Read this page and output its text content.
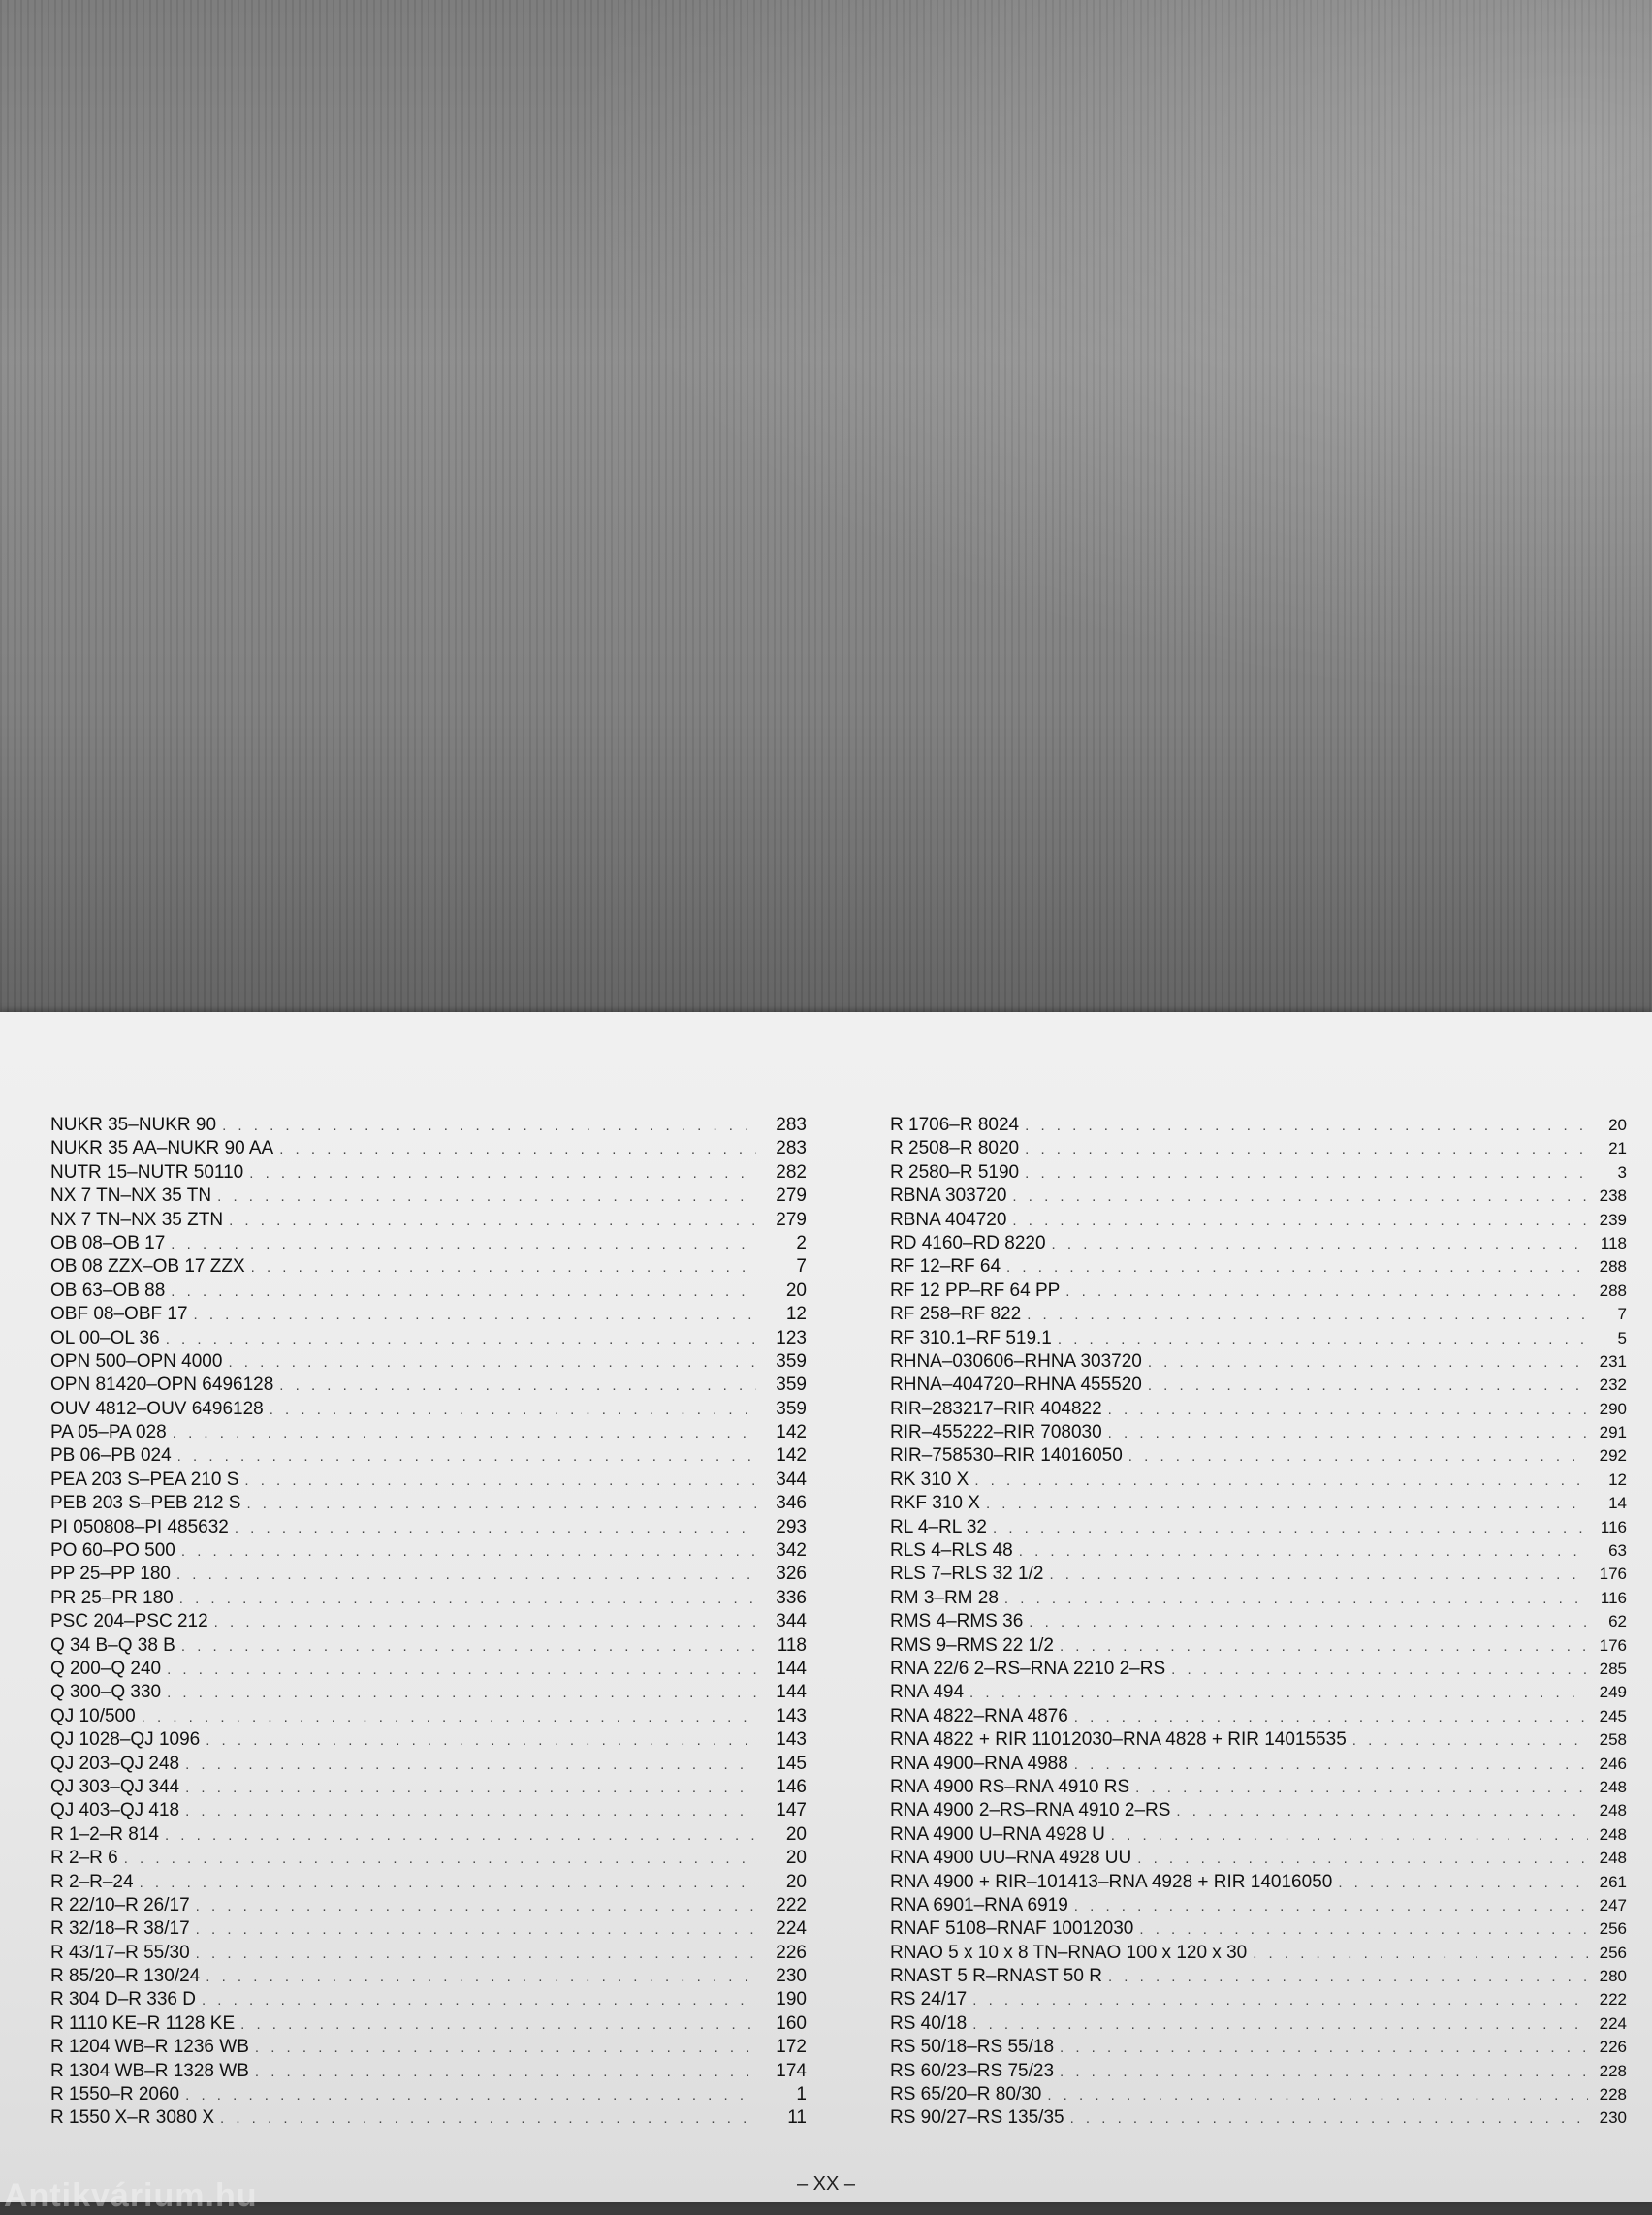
NUKR 35–NUKR 90 . . .	283
NUKR 35 AA–NUKR 90 AA . . .	283
NUTR 15–NUTR 50110 . . .	282
NX 7 TN–NX 35 TN . . .	279
NX 7 TN–NX 35 ZTN . . .	279
OB 08–OB 17 . . .	2
OB 08 ZZX–OB 17 ZZX . . .	7
OB 63–OB 88 . . .	20
OBF 08–OBF 17 . . .	12
OL 00–OL 36 . . .	123
OPN 500–OPN 4000 . . .	359
OPN 81420–OPN 6496128 . . .	359
OUV 4812–OUV 6496128 . . .	359
PA 05–PA 028 . . .	142
PB 06–PB 024 . . .	142
PEA 203 S–PEA 210 S . . .	344
PEB 203 S–PEB 212 S . . .	346
PI 050808–PI 485632 . . .	293
PO 60–PO 500 . . .	342
PP 25–PP 180 . . .	326
PR 25–PR 180 . . .	336
PSC 204–PSC 212 . . .	344
Q 34 B–Q 38 B . . .	118
Q 200–Q 240 . . .	144
Q 300–Q 330 . . .	144
QJ 10/500 . . .	143
QJ 1028–QJ 1096 . . .	143
QJ 203–QJ 248 . . .	145
QJ 303–QJ 344 . . .	146
QJ 403–QJ 418 . . .	147
R 1–2–R 814 . . .	20
R 2–R 6 . . .	20
R 2–R–24 . . .	20
R 22/10–R 26/17 . . .	222
R 32/18–R 38/17 . . .	224
R 43/17–R 55/30 . . .	226
R 85/20–R 130/24 . . .	230
R 304 D–R 336 D . . .	190
R 1110 KE–R 1128 KE . . .	160
R 1204 WB–R 1236 WB . . .	172
R 1304 WB–R 1328 WB . . .	174
R 1550–R 2060 . . .	1
R 1550 X–R 3080 X . . .	11
R 1706–R 8024 . . .	20
R 2508–R 8020 . . .	21
R 2580–R 5190 . . .	3
RBNA 303720 . . .	238
RBNA 404720 . . .	239
RD 4160–RD 8220 . . .	118
RF 12–RF 64 . . .	288
RF 12 PP–RF 64 PP . . .	288
RF 258–RF 822 . . .	7
RF 310.1–RF 519.1 . . .	5
RHNA–030606–RHNA 303720 . . .	231
RHNA–404720–RHNA 455520 . . .	232
RIR–283217–RIR 404822 . . .	290
RIR–455222–RIR 708030 . . .	291
RIR–758530–RIR 14016050 . . .	292
RK 310 X . . .	12
RKF 310 X . . .	14
RL 4–RL 32 . . .	116
RLS 4–RLS 48 . . .	63
RLS 7–RLS 32 1/2 . . .	176
RM 3–RM 28 . . .	116
RMS 4–RMS 36 . . .	62
RMS 9–RMS 22 1/2 . . .	176
RNA 22/6 2–RS–RNA 2210 2–RS . . .	285
RNA 494 . . .	249
RNA 4822–RNA 4876 . . .	245
RNA 4822 + RIR 11012030–RNA 4828 + RIR 14015535 . . .	258
RNA 4900–RNA 4988 . . .	246
RNA 4900 RS–RNA 4910 RS . . .	248
RNA 4900 2–RS–RNA 4910 2–RS . . .	248
RNA 4900 U–RNA 4928 U . . .	248
RNA 4900 UU–RNA 4928 UU . . .	248
RNA 4900 + RIR–101413–RNA 4928 + RIR 14016050 . . .	261
RNA 6901–RNA 6919 . . .	247
RNAF 5108–RNAF 10012030 . . .	256
RNAO 5 x 10 x 8 TN–RNAO 100 x 120 x 30 . . .	256
RNAST 5 R–RNAST 50 R . . .	280
RS 24/17 . . .	222
RS 40/18 . . .	224
RS 50/18–RS 55/18 . . .	226
RS 60/23–RS 75/23 . . .	228
RS 65/20–R 80/30 . . .	228
RS 90/27–RS 135/35 . . .	230
– XX –
Antikvárium.hu
